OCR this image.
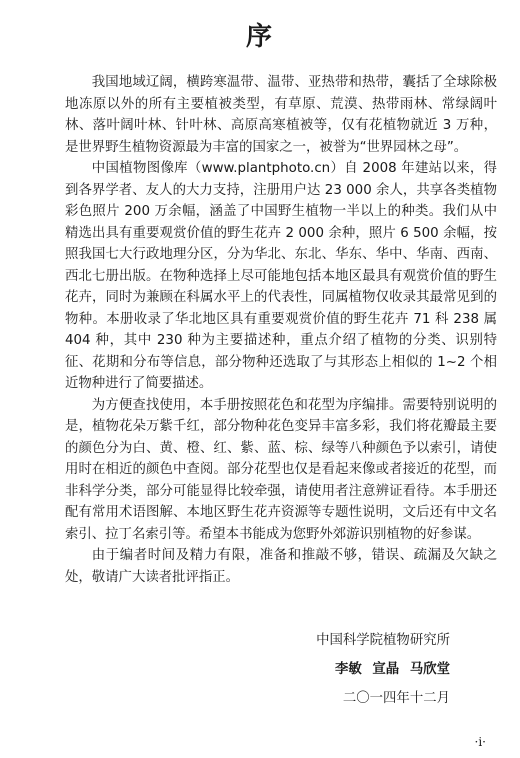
序

我国地域辽阔，横跨寒温带、温带、亚热带和热带，囊括了全球除极地冻原以外的所有主要植被类型，有草原、荒漠、热带雨林、常绿阔叶林、落叶阔叶林、针叶林、高原高寒植被等，仅有花植物就近 3 万种，是世界野生植物资源最为丰富的国家之一，被誉为“世界园林之母”。

中国植物图像库（www.plantphoto.cn）自 2008 年建站以来，得到各界学者、友人的大力支持，注册用户达 23 000 余人，共享各类植物彩色照片 200 万余幅，涵盖了中国野生植物一半以上的种类。我们从中精选出具有重要观赏价值的野生花卉 2 000 余种，照片 6 500 余幅，按照我国七大行政地理分区，分为华北、东北、华东、华中、华南、西南、西北七册出版。在物种选择上尽可能地包括本地区最具有观赏价值的野生花卉，同时为兼顾在科属水平上的代表性，同属植物仅收录其最常见到的物种。本册收录了华北地区具有重要观赏价值的野生花卉 71 科 238 属 404 种，其中 230 种为主要描述种，重点介绍了植物的分类、识别特征、花期和分布等信息，部分物种还选取了与其形态上相似的 1~2 个相近物种进行了简要描述。

为方便查找使用，本手册按照花色和花型为序编排。需要特别说明的是，植物花朵万紫千红，部分物种花色变异丰富多彩，我们将花瓣最主要的颜色分为白、黄、橙、红、紫、蓝、棕、绿等八种颜色予以索引，请使用时在相近的颜色中查阅。部分花型也仅是看起来像或者接近的花型，而非科学分类，部分可能显得比较牵强，请使用者注意辨证看待。本手册还配有常用术语图解、本地区野生花卉资源等专题性说明，文后还有中文名索引、拉丁名索引等。希望本书能成为您野外郊游识别植物的好参谋。

由于编者时间及精力有限，准备和推敲不够，错误、疏漏及欠缺之处，敬请广大读者批评指正。

中国科学院植物研究所
李敏 宣晶 马欣堂
二〇一四年十二月
·i·
